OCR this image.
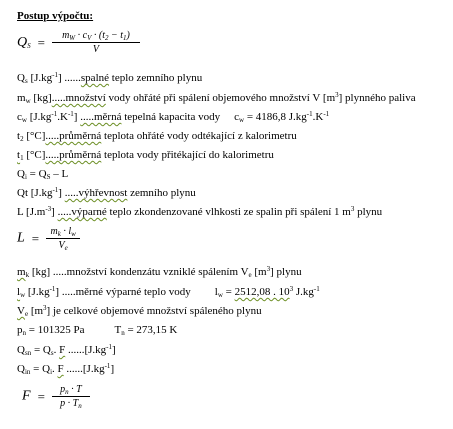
Postup výpočtu:
$Q_S = \frac{m_W \cdot c_V \cdot (t_2 - t_1)}{V}$
$Q_s$ $[J.kg^{-1}]$ ......spalné teplo zemního plynu
$m_w$ [kg].....množství vody ohřáté při spálení objemového množství V $[m^3]$ plynného paliva
$c_w$ $[J.kg^{-1}.K^{-1}]$ .....měrná tepelná kapacita vody $c_w = 4186,8$ $J.kg^{-1}.K^{-1}$
$t_2$ [°C].....průměrná teplota ohřáté vody odtékající z kalorimetru
$t_1$ [°C].....průměrná teplota vody přitékající do kalorimetru
$Q_i = Q_S - L$
Qt $[J.kg^{-1}]$ .....výhřevnost zemního plynu
L $[J.m^{-3}]$ .....výparné teplo zkondenzované vlhkosti ze spalin při spálení 1 $m^3$ plynu
$L = \frac{m_k \cdot l_w}{V_e}$
$m_k$ [kg] .....množství kondenzátu vzniklé spálením $V_e$ $[m^3]$ plynu
$l_w$ $[J.kg^{-1}]$ .....měrné výparné teplo vody $l_w = 2512,08$ . $10^3$ $J.kg^{-1}$
$V_e$ $[m^3]$ je celkové objemové množství spáleného plynu
$p_n = 101325$ Pa	$T_n = 273,15$ K
$Q_{sn} = Q_s$. F $......[J.kg^{-1}]$
$Q_{in} = Q_i$. F $......[J.kg^{-1}]$
$F = \frac{p_n \cdot T}{p \cdot T_n}$
